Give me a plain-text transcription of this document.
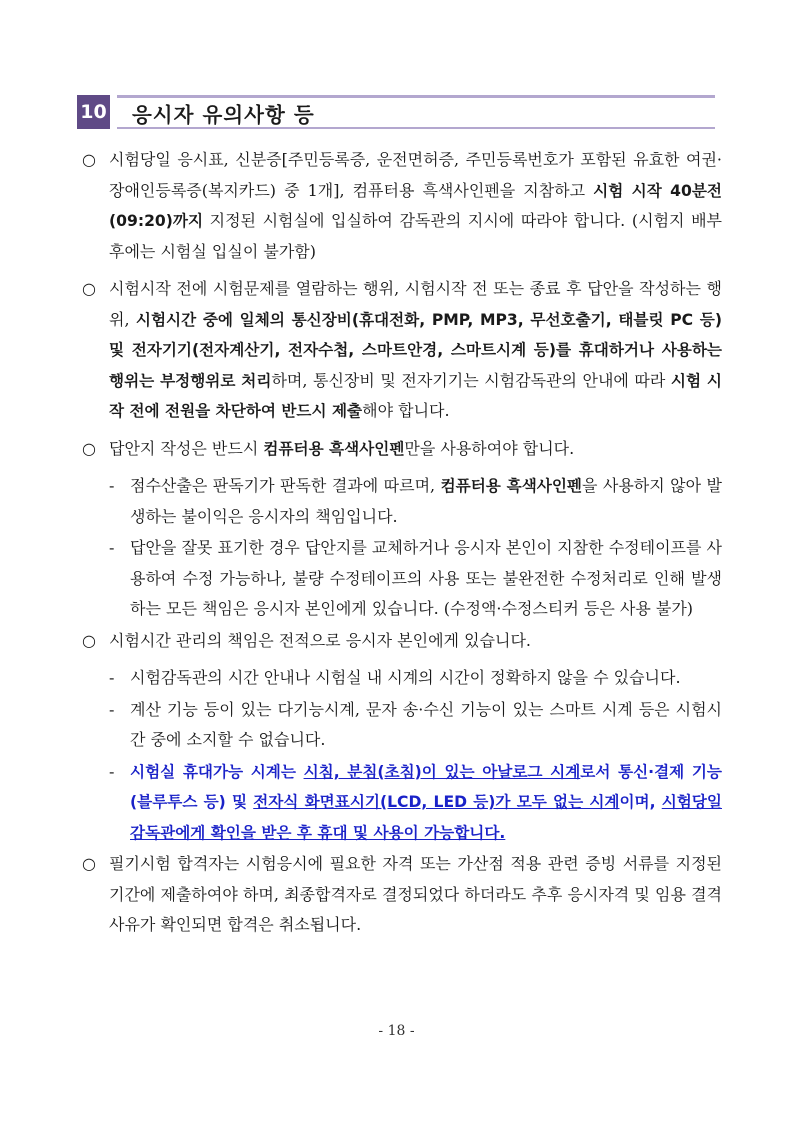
10 응시자 유의사항 등
○ 시험당일 응시표, 신분증[주민등록증, 운전면허증, 주민등록번호가 포함된 유효한 여권·장애인등록증(복지카드) 중 1개], 컴퓨터용 흑색사인펜을 지참하고 시험 시작 40분전(09:20)까지 지정된 시험실에 입실하여 감독관의 지시에 따라야 합니다. (시험지 배부 후에는 시험실 입실이 불가함)
○ 시험시작 전에 시험문제를 열람하는 행위, 시험시작 전 또는 종료 후 답안을 작성하는 행위, 시험시간 중에 일체의 통신장비(휴대전화, PMP, MP3, 무선호출기, 태블릿 PC 등) 및 전자기기(전자계산기, 전자수첩, 스마트안경, 스마트시계 등)를 휴대하거나 사용하는 행위는 부정행위로 처리하며, 통신장비 및 전자기기는 시험감독관의 안내에 따라 시험 시작 전에 전원을 차단하여 반드시 제출해야 합니다.
○ 답안지 작성은 반드시 컴퓨터용 흑색사인펜만을 사용하여야 합니다.
- 점수산출은 판독기가 판독한 결과에 따르며, 컴퓨터용 흑색사인펜을 사용하지 않아 발생하는 불이익은 응시자의 책임입니다.
- 답안을 잘못 표기한 경우 답안지를 교체하거나 응시자 본인이 지참한 수정테이프를 사용하여 수정 가능하나, 불량 수정테이프의 사용 또는 불완전한 수정처리로 인해 발생하는 모든 책임은 응시자 본인에게 있습니다. (수정액·수정스티커 등은 사용 불가)
○ 시험시간 관리의 책임은 전적으로 응시자 본인에게 있습니다.
- 시험감독관의 시간 안내나 시험실 내 시계의 시간이 정확하지 않을 수 있습니다.
- 계산 기능 등이 있는 다기능시계, 문자 송·수신 기능이 있는 스마트 시계 등은 시험시간 중에 소지할 수 없습니다.
- 시험실 휴대가능 시계는 시침, 분침(초침)이 있는 아날로그 시계로서 통신·결제 기능(블루투스 등) 및 전자식 화면표시기(LCD, LED 등)가 모두 없는 시계이며, 시험당일 감독관에게 확인을 받은 후 휴대 및 사용이 가능합니다.
○ 필기시험 합격자는 시험응시에 필요한 자격 또는 가산점 적용 관련 증빙 서류를 지정된 기간에 제출하여야 하며, 최종합격자로 결정되었다 하더라도 추후 응시자격 및 임용 결격사유가 확인되면 합격은 취소됩니다.
- 18 -
